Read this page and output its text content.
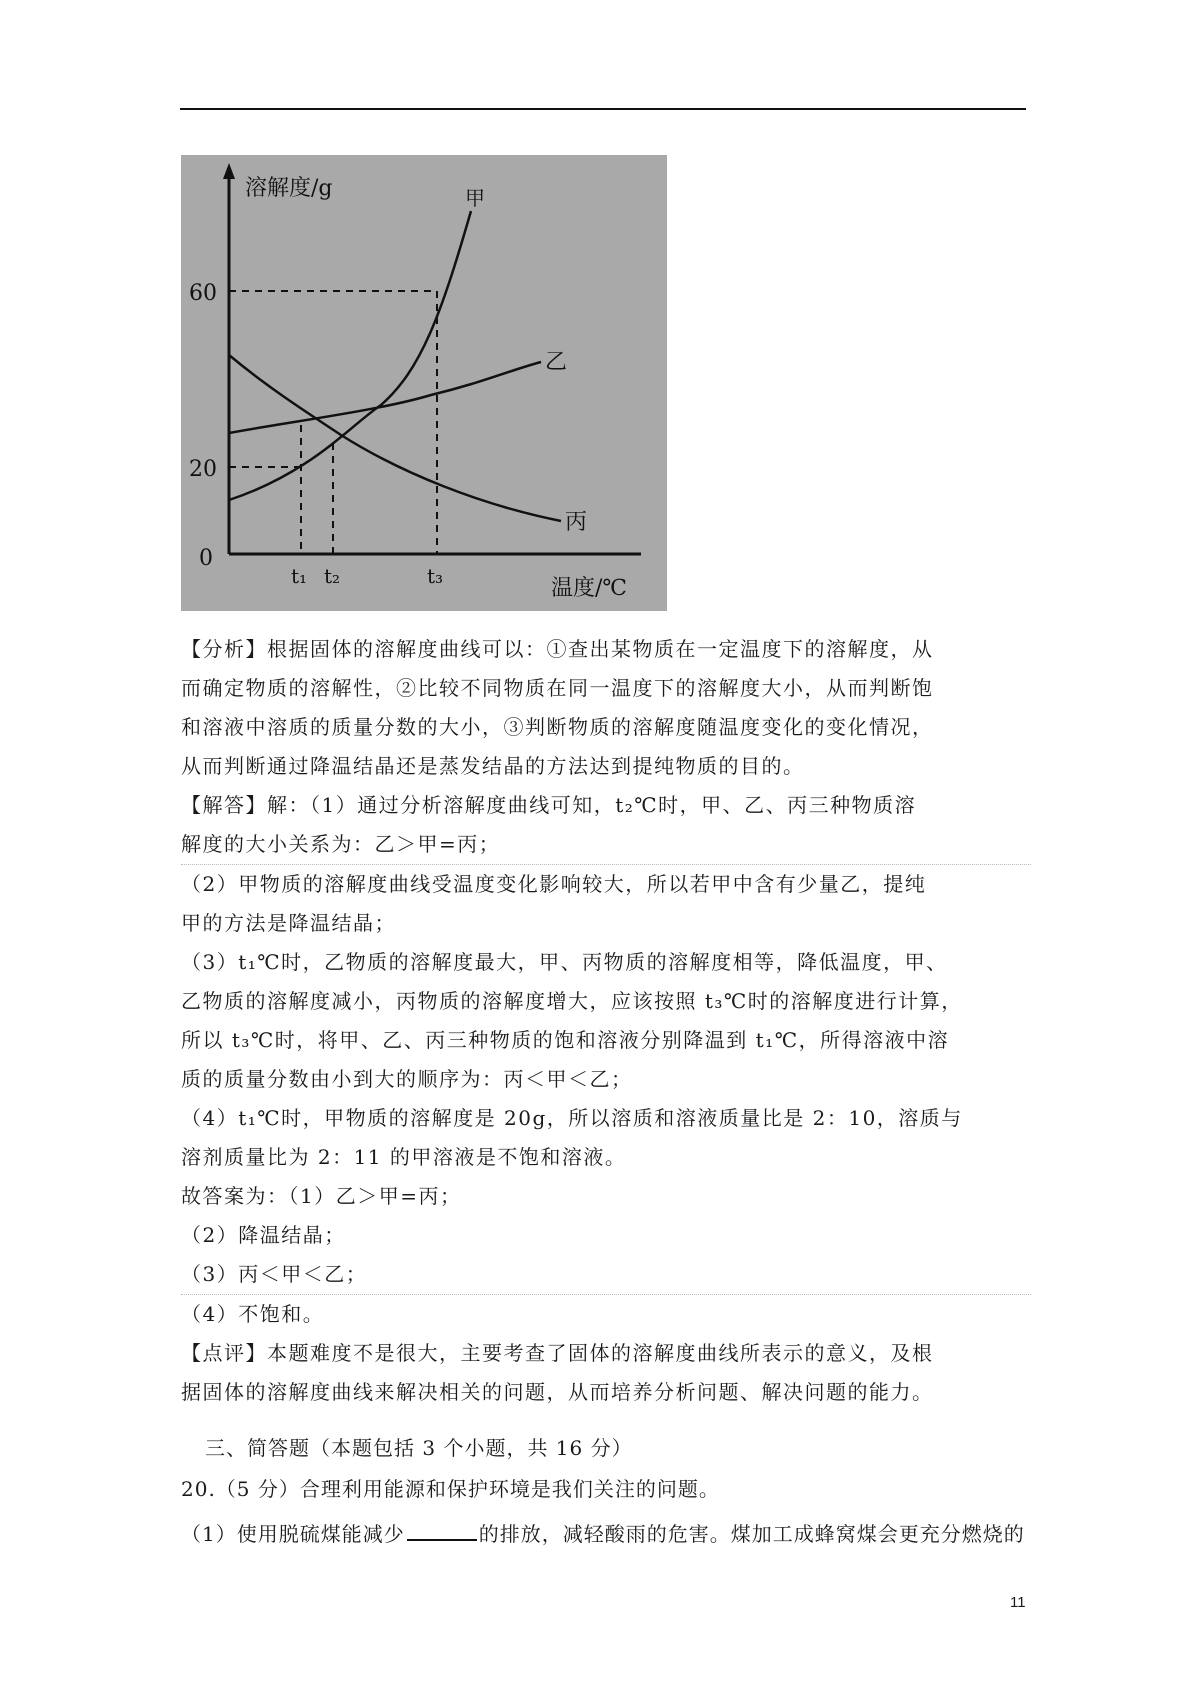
溶解度/g
温度/℃
0
60
20
t₁ t₂	t₃
甲
乙
丙

【分析】根据固体的溶解度曲线可以：①查出某物质在一定温度下的溶解度，从

而确定物质的溶解性，②比较不同物质在同一温度下的溶解度大小，从而判断饱

和溶液中溶质的质量分数的大小，③判断物质的溶解度随温度变化的变化情况，

从而判断通过降温结晶还是蒸发结晶的方法达到提纯物质的目的。

【解答】解：（1）通过分析溶解度曲线可知，t₂℃时，甲、乙、丙三种物质溶

解度的大小关系为：乙＞甲=丙；

（2）甲物质的溶解度曲线受温度变化影响较大，所以若甲中含有少量乙，提纯

甲的方法是降温结晶；

（3）t₁℃时，乙物质的溶解度最大，甲、丙物质的溶解度相等，降低温度，甲、

乙物质的溶解度减小，丙物质的溶解度增大，应该按照 t₃℃时的溶解度进行计算，

所以 t₃℃时，将甲、乙、丙三种物质的饱和溶液分别降温到 t₁℃，所得溶液中溶

质的质量分数由小到大的顺序为：丙＜甲＜乙；

（4）t₁℃时，甲物质的溶解度是 20g，所以溶质和溶液质量比是 2：10，溶质与

溶剂质量比为 2：11 的甲溶液是不饱和溶液。

故答案为：（1）乙＞甲=丙；

（2）降温结晶；

（3）丙＜甲＜乙；

（4）不饱和。

【点评】本题难度不是很大，主要考查了固体的溶解度曲线所表示的意义，及根

据固体的溶解度曲线来解决相关的问题，从而培养分析问题、解决问题的能力。

三、简答题（本题包括 3 个小题，共 16 分）
20.（5 分）合理利用能源和保护环境是我们关注的问题。
（1）使用脱硫煤能减少	的排放，减轻酸雨的危害。煤加工成蜂窝煤会更充分燃烧的
11
